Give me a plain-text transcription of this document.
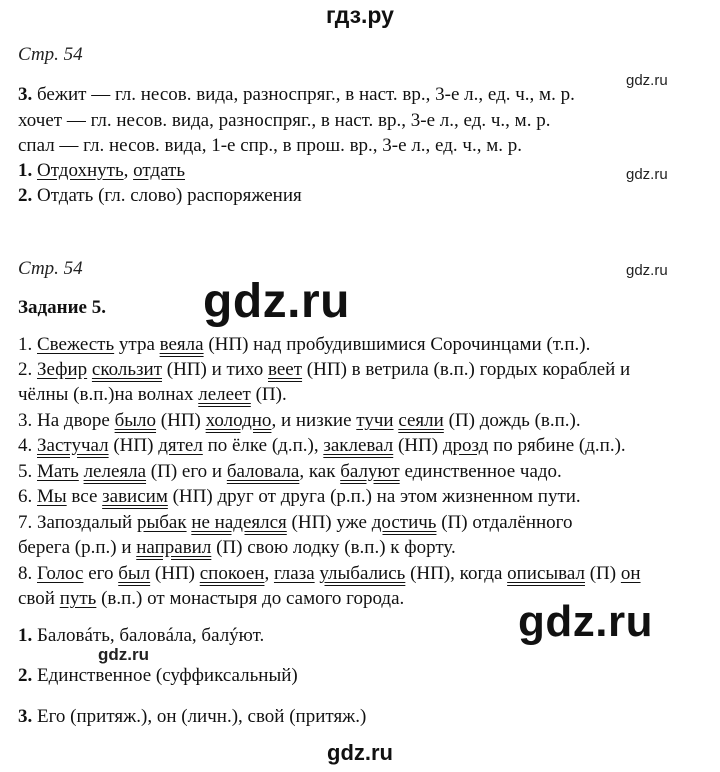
гдз.ру
Стр. 54
gdz.ru
3. бежит — гл. несов. вида, разноспряг., в наст. вр., 3-е л., ед. ч., м. р.
хочет — гл. несов. вида, разноспряг., в наст. вр., 3-е л., ед. ч., м. р.
спал — гл. несов. вида, 1-е спр., в прош. вр., 3-е л., ед. ч., м. р.
1. Отдохнуть, отдать	gdz.ru
2. Отдать (гл. слово) распоряжения
Стр. 54	gdz.ru
Задание 5. gdz.ru
1. Свежесть утра веяла (НП) над пробудившимися Сорочинцами (т.п.).
2. Зефир скользит (НП) и тихо веет (НП) в ветрила (в.п.) гордых кораблей и
чёлны (в.п.)на волнах лелеет (П).
3. На дворе было (НП) холодно, и низкие тучи сеяли (П) дождь (в.п.).
4. Застучал (НП) дятел по ёлке (д.п.), заклевал (НП) дрозд по рябине (д.п.).
5. Мать лелеяла (П) его и баловала, как балуют единственное чадо.
6. Мы все зависим (НП) друг от друга (р.п.) на этом жизненном пути.
7. Запоздалый рыбак не надеялся (НП) уже достичь (П) отдалённого
берега (р.п.) и направил (П) свою лодку (в.п.) к форту.
8. Голос его был (НП) спокоен, глаза улыбались (НП), когда описывал (П) он
свой путь (в.п.) от монастыря до самого города.	gdz.ru
1. Баловáть, баловáла, балýют.
gdz.ru
2. Единственное (суффиксальный)
3. Его (притяж.), он (личн.), свой (притяж.)
gdz.ru
